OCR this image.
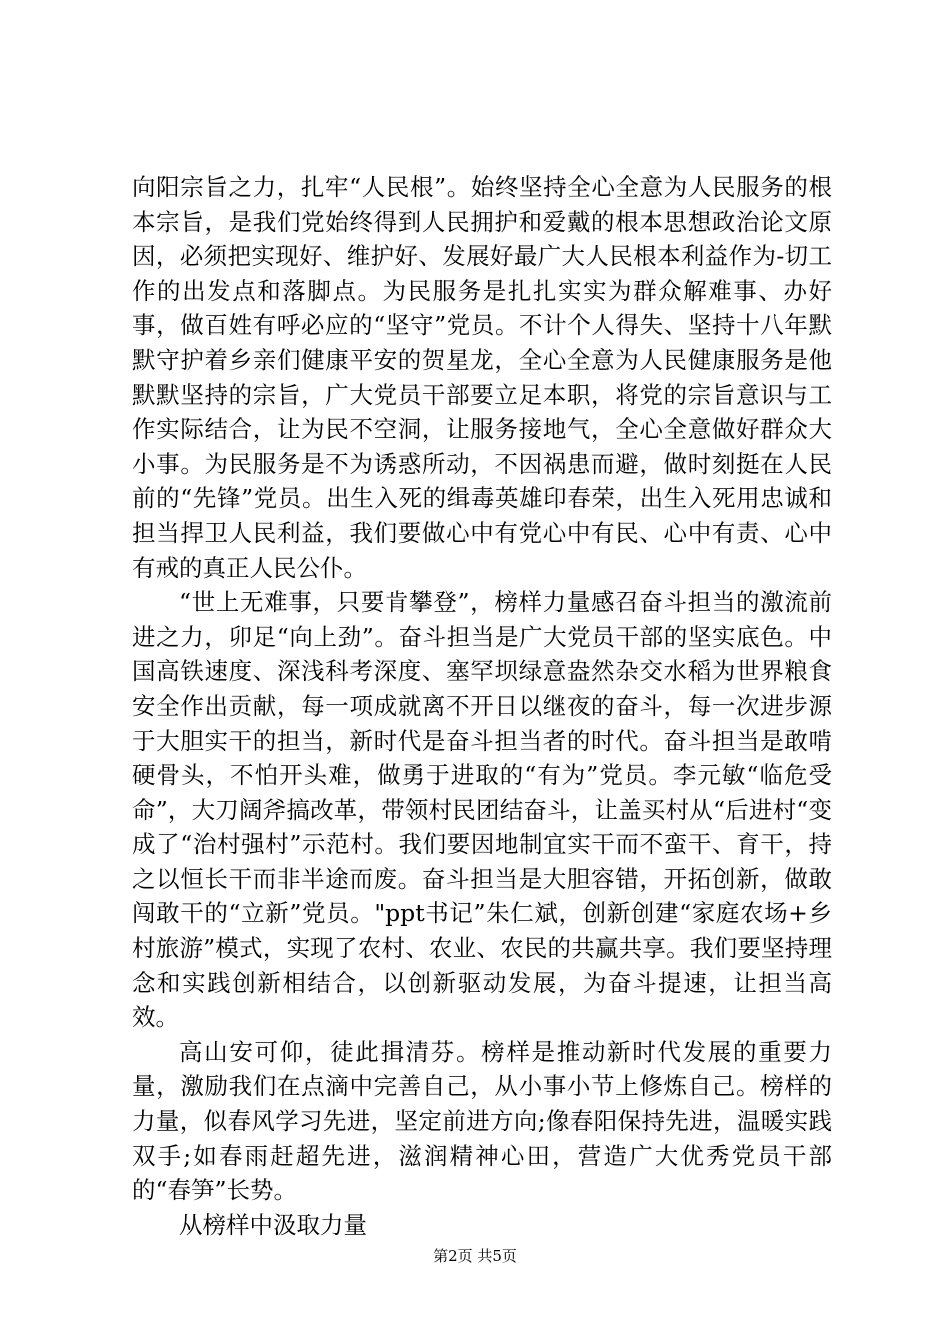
向阳宗旨之力，扎牢“人民根”。始终坚持全心全意为人民服务的根本宗旨，是我们党始终得到人民拥护和爱戴的根本思想政治论文原因，必须把实现好、维护好、发展好最广大人民根本利益作为-切工作的出发点和落脚点。为民服务是扎扎实实为群众解难事、办好事，做百姓有呼必应的“坚守”党员。不计个人得失、坚持十八年默默守护着乡亲们健康平安的贺星龙，全心全意为人民健康服务是他默默坚持的宗旨，广大党员干部要立足本职，将党的宗旨意识与工作实际结合，让为民不空洞，让服务接地气，全心全意做好群众大小事。为民服务是不为诱惑所动，不因祸患而避，做时刻挺在人民前的“先锋”党员。出生入死的缉毒英雄印春荣，出生入死用忠诚和担当捍卫人民利益，我们要做心中有党心中有民、心中有责、心中有戒的真正人民公仆。

“世上无难事，只要肯攀登”，榜样力量感召奋斗担当的激流前进之力，卯足“向上劲”。奋斗担当是广大党员干部的坚实底色。中国高铁速度、深浅科考深度、塞罕坝绿意盎然杂交水稻为世界粮食安全作出贡献，每一项成就离不开日以继夜的奋斗，每一次进步源于大胆实干的担当，新时代是奋斗担当者的时代。奋斗担当是敢啃硬骨头，不怕开头难，做勇于进取的“有为”党员。李元敏“临危受命”，大刀阔斧搞改革，带领村民团结奋斗，让盖买村从“后进村“变成了“治村强村”示范村。我们要因地制宜实干而不蛮干、育干，持之以恒长干而非半途而废。奋斗担当是大胆容错，开拓创新，做敢闯敢干的“立新”党员。"ppt书记”朱仁斌，创新创建“家庭农场+乡村旅游”模式，实现了农村、农业、农民的共赢共享。我们要坚持理念和实践创新相结合，以创新驱动发展，为奋斗提速，让担当高效。

高山安可仰，徒此揖清芬。榜样是推动新时代发展的重要力量，激励我们在点滴中完善自己，从小事小节上修炼自己。榜样的力量，似春风学习先进，坚定前进方向;像春阳保持先进，温暖实践双手;如春雨赶超先进，滋润精神心田，营造广大优秀党员干部的“春笋”长势。

从榜样中汲取力量

第2页 共5页
